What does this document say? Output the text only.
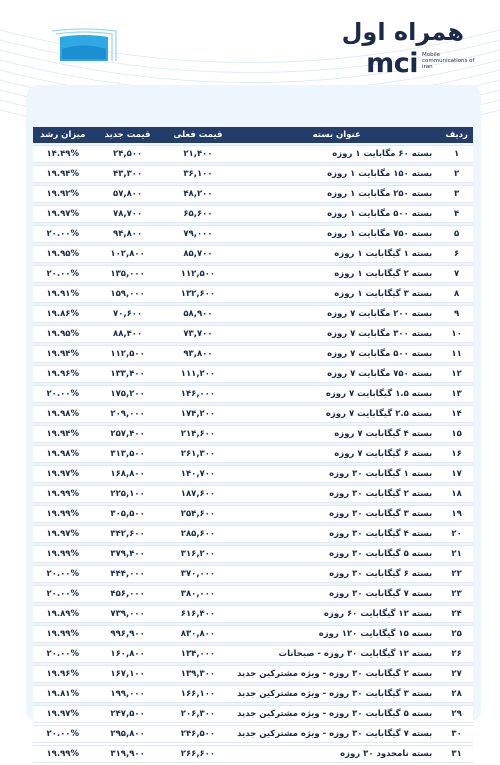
همراه اول
mci Mobile communications of iran
ردیف	عنوان بسته	قیمت فعلی	قیمت جدید	میزان رشد
۱	بسته ۶۰ مگابایت ۱ روزه	۲۱,۴۰۰	۲۴,۵۰۰	۱۴.۴۹%
۲	بسته ۱۵۰ مگابایت ۱ روزه	۳۶,۱۰۰	۴۳,۳۰۰	۱۹.۹۴%
۳	بسته ۲۵۰ مگابایت ۱ روزه	۴۸,۲۰۰	۵۷,۸۰۰	۱۹.۹۲%
۴	بسته ۵۰۰ مگابایت ۱ روزه	۶۵,۶۰۰	۷۸,۷۰۰	۱۹.۹۷%
۵	بسته ۷۵۰ مگابایت ۱ روزه	۷۹,۰۰۰	۹۴,۸۰۰	۲۰.۰۰%
۶	بسته ۱ گیگابایت ۱ روزه	۸۵,۷۰۰	۱۰۲,۸۰۰	۱۹.۹۵%
۷	بسته ۲ گیگابایت ۱ روزه	۱۱۲,۵۰۰	۱۳۵,۰۰۰	۲۰.۰۰%
۸	بسته ۳ گیگابایت ۱ روزه	۱۳۲,۶۰۰	۱۵۹,۰۰۰	۱۹.۹۱%
۹	بسته ۲۰۰ مگابایت ۷ روزه	۵۸,۹۰۰	۷۰,۶۰۰	۱۹.۸۶%
۱۰	بسته ۳۰۰ مگابایت ۷ روزه	۷۳,۷۰۰	۸۸,۴۰۰	۱۹.۹۵%
۱۱	بسته ۵۰۰ مگابایت ۷ روزه	۹۳,۸۰۰	۱۱۲,۵۰۰	۱۹.۹۴%
۱۲	بسته ۷۵۰ مگابایت ۷ روزه	۱۱۱,۲۰۰	۱۳۳,۴۰۰	۱۹.۹۶%
۱۳	بسته ۱.۵ گیگابایت ۷ روزه	۱۴۶,۰۰۰	۱۷۵,۲۰۰	۲۰.۰۰%
۱۴	بسته ۲.۵ گیگابایت ۷ روزه	۱۷۴,۲۰۰	۲۰۹,۰۰۰	۱۹.۹۸%
۱۵	بسته ۴ گیگابایت ۷ روزه	۲۱۴,۶۰۰	۲۵۷,۴۰۰	۱۹.۹۴%
۱۶	بسته ۶ گیگابایت ۷ روزه	۲۶۱,۳۰۰	۳۱۳,۵۰۰	۱۹.۹۸%
۱۷	بسته ۱ گیگابایت ۳۰ روزه	۱۴۰,۷۰۰	۱۶۸,۸۰۰	۱۹.۹۷%
۱۸	بسته ۲ گیگابایت ۳۰ روزه	۱۸۷,۶۰۰	۲۲۵,۱۰۰	۱۹.۹۹%
۱۹	بسته ۳ گیگابایت ۳۰ روزه	۲۵۴,۶۰۰	۳۰۵,۵۰۰	۱۹.۹۹%
۲۰	بسته ۴ گیگابایت ۳۰ روزه	۲۸۵,۶۰۰	۳۴۲,۶۰۰	۱۹.۹۷%
۲۱	بسته ۵ گیگابایت ۳۰ روزه	۳۱۶,۲۰۰	۳۷۹,۴۰۰	۱۹.۹۹%
۲۲	بسته ۶ گیگابایت ۳۰ روزه	۳۷۰,۰۰۰	۴۴۴,۰۰۰	۲۰.۰۰%
۲۳	بسته ۷ گیگابایت ۳۰ روزه	۳۸۰,۰۰۰	۴۵۶,۰۰۰	۲۰.۰۰%
۲۴	بسته ۱۲ گیگابایت ۶۰ روزه	۶۱۶,۴۰۰	۷۳۹,۰۰۰	۱۹.۸۹%
۲۵	بسته ۱۵ گیگابایت ۱۲۰ روزه	۸۳۰,۸۰۰	۹۹۶,۹۰۰	۱۹.۹۹%
۲۶	بسته ۱۲ گیگابایت ۳۰ روزه - صبحانات	۱۳۴,۰۰۰	۱۶۰,۸۰۰	۲۰.۰۰%
۲۷	بسته ۲ گیگابایت ۳۰ روزه - ویژه مشترکین جدید	۱۳۹,۳۰۰	۱۶۷,۱۰۰	۱۹.۹۶%
۲۸	بسته ۳ گیگابایت ۳۰ روزه - ویژه مشترکین جدید	۱۶۶,۱۰۰	۱۹۹,۰۰۰	۱۹.۸۱%
۲۹	بسته ۵ گیگابایت ۳۰ روزه - ویژه مشترکین جدید	۲۰۶,۳۰۰	۲۴۷,۵۰۰	۱۹.۹۷%
۳۰	بسته ۷ گیگابایت ۳۰ روزه - ویژه مشترکین جدید	۲۴۶,۵۰۰	۲۹۵,۸۰۰	۲۰.۰۰%
۳۱	بسته نامحدود ۳۰ روزه	۲۶۶,۶۰۰	۳۱۹,۹۰۰	۱۹.۹۹%
